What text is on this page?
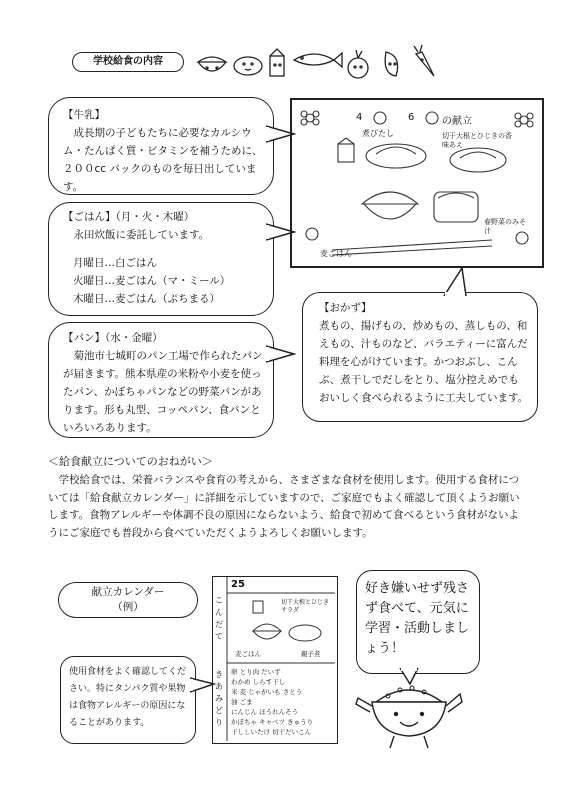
学校給食の内容
【牛乳】
　成長期の子どもたちに必要なカルシウム・たんぱく質・ビタミンを補うために、
２００cc パックのものを毎日出しています。
【ごはん】（月・火・木曜）
　永田炊飯に委託しています。
月曜日…白ごはん
火曜日…麦ごはん（マ・ミール）
木曜日…麦ごはん（ぷちまる）
【パン】（水・金曜）
　菊池市七城町のパン工場で作られたパンが届きます。熊本県産の米粉や小麦を使ったパン、かぼちゃパンなどの野菜パンがあります。形も丸型、コッペパン、食パンといろいろあります。
4	6	の献立
煮びたし	切干大根とひじきの香味あえ
麦ごはん
春野菜のみそ汁
【おかず】
煮もの、揚げもの、炒めもの、蒸しもの、和えもの、汁ものなど、バラエティーに富んだ料理を心がけています。かつおぶし、こんぶ、煮干しでだしをとり、塩分控えめでもおいしく食べられるように工夫しています。
＜給食献立についてのおねがい＞
学校給食では、栄養バランスや食育の考えから、さまざまな食材を使用します。使用する食材については「給食献立カレンダー」に詳細を示していますので、ご家庭でもよく確認して頂くようお願いします。食物アレルギーや体調不良の原因にならないよう、給食で初めて食べるという食材がないようにご家庭でも普段から食べていただくようよろしくお願いします。
献立カレンダー
（例）
使用食材をよく確認してください。特にタンパク質や果物は食物アレルギーの原因になることがあります。
25
こ
ん
だ
て
き
あ
み
ど
り
切干大根とひじきサラダ
麦ごはん	親子煮
卵 とり肉 だいず
わかめ しらす干し
米 麦 じゃがいも さとう
油 ごま
にんじん ほうれんそう
かぼちゃ キャベツ きゅうり
干ししいたけ 切干だいこん
好き嫌いせず残さず食べて、元気に学習・活動しましょう！
